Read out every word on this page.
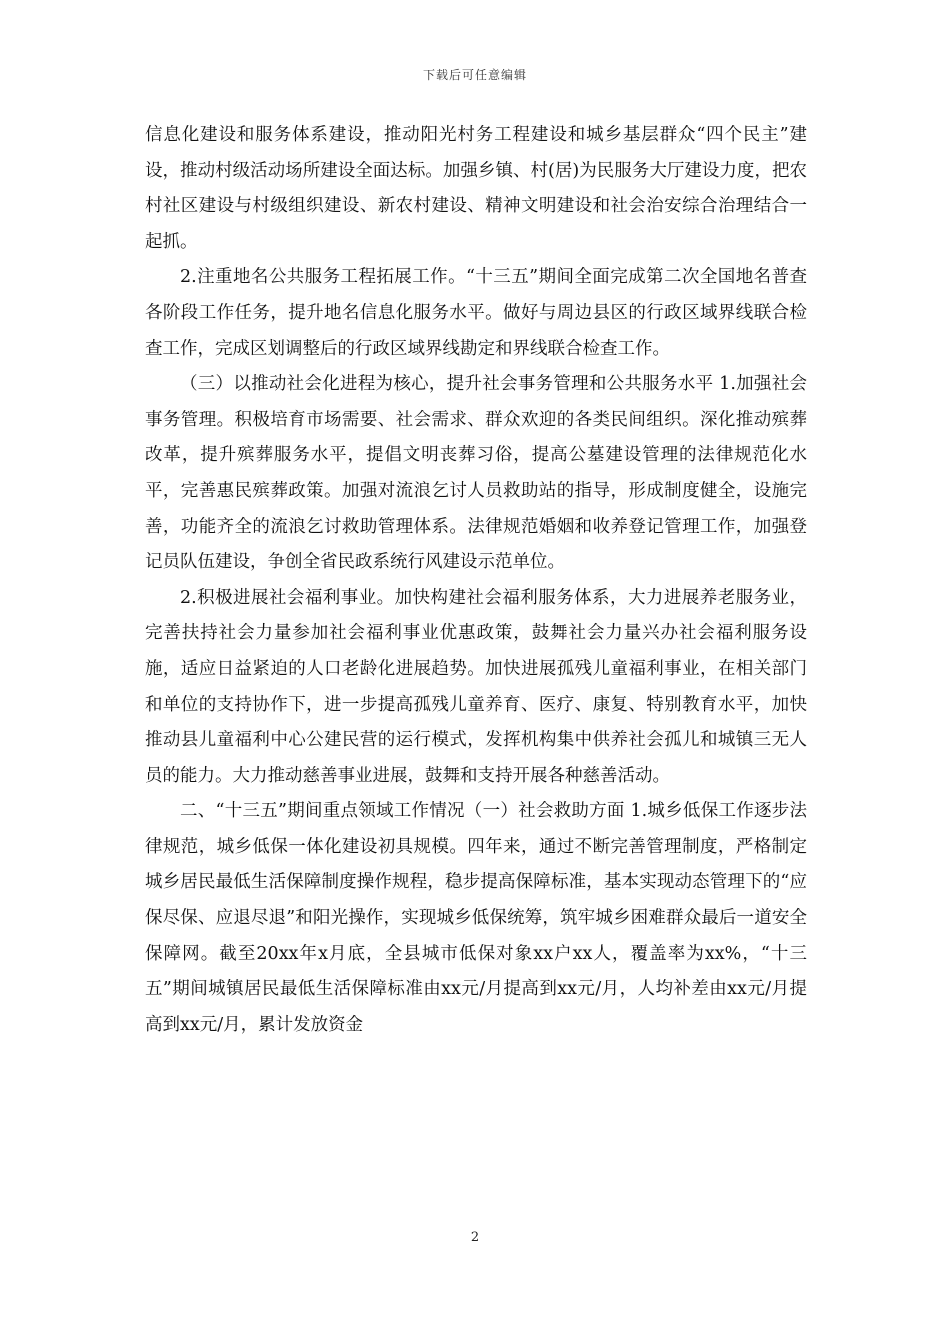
下载后可任意编辑

信息化建设和服务体系建设，推动阳光村务工程建设和城乡基层群众“四个民主”建设，推动村级活动场所建设全面达标。加强乡镇、村(居)为民服务大厅建设力度，把农村社区建设与村级组织建设、新农村建设、精神文明建设和社会治安综合治理结合一起抓。

2.注重地名公共服务工程拓展工作。“十三五”期间全面完成第二次全国地名普查各阶段工作任务，提升地名信息化服务水平。做好与周边县区的行政区域界线联合检查工作，完成区划调整后的行政区域界线勘定和界线联合检查工作。

（三）以推动社会化进程为核心，提升社会事务管理和公共服务水平 1.加强社会事务管理。积极培育市场需要、社会需求、群众欢迎的各类民间组织。深化推动殡葬改革，提升殡葬服务水平，提倡文明丧葬习俗，提高公墓建设管理的法律规范化水平，完善惠民殡葬政策。加强对流浪乞讨人员救助站的指导，形成制度健全，设施完善，功能齐全的流浪乞讨救助管理体系。法律规范婚姻和收养登记管理工作，加强登记员队伍建设，争创全省民政系统行风建设示范单位。

2.积极进展社会福利事业。加快构建社会福利服务体系，大力进展养老服务业，完善扶持社会力量参加社会福利事业优惠政策，鼓舞社会力量兴办社会福利服务设施，适应日益紧迫的人口老龄化进展趋势。加快进展孤残儿童福利事业，在相关部门和单位的支持协作下，进一步提高孤残儿童养育、医疗、康复、特别教育水平，加快推动县儿童福利中心公建民营的运行模式，发挥机构集中供养社会孤儿和城镇三无人员的能力。大力推动慈善事业进展，鼓舞和支持开展各种慈善活动。

二、“十三五”期间重点领域工作情况（一）社会救助方面 1.城乡低保工作逐步法律规范，城乡低保一体化建设初具规模。四年来，通过不断完善管理制度，严格制定城乡居民最低生活保障制度操作规程，稳步提高保障标准，基本实现动态管理下的“应保尽保、应退尽退”和阳光操作，实现城乡低保统筹，筑牢城乡困难群众最后一道安全保障网。截至20xx年x月底，全县城市低保对象xx户xx人，覆盖率为xx%，“十三五”期间城镇居民最低生活保障标准由xx元/月提高到xx元/月，人均补差由xx元/月提高到xx元/月，累计发放资金

2
